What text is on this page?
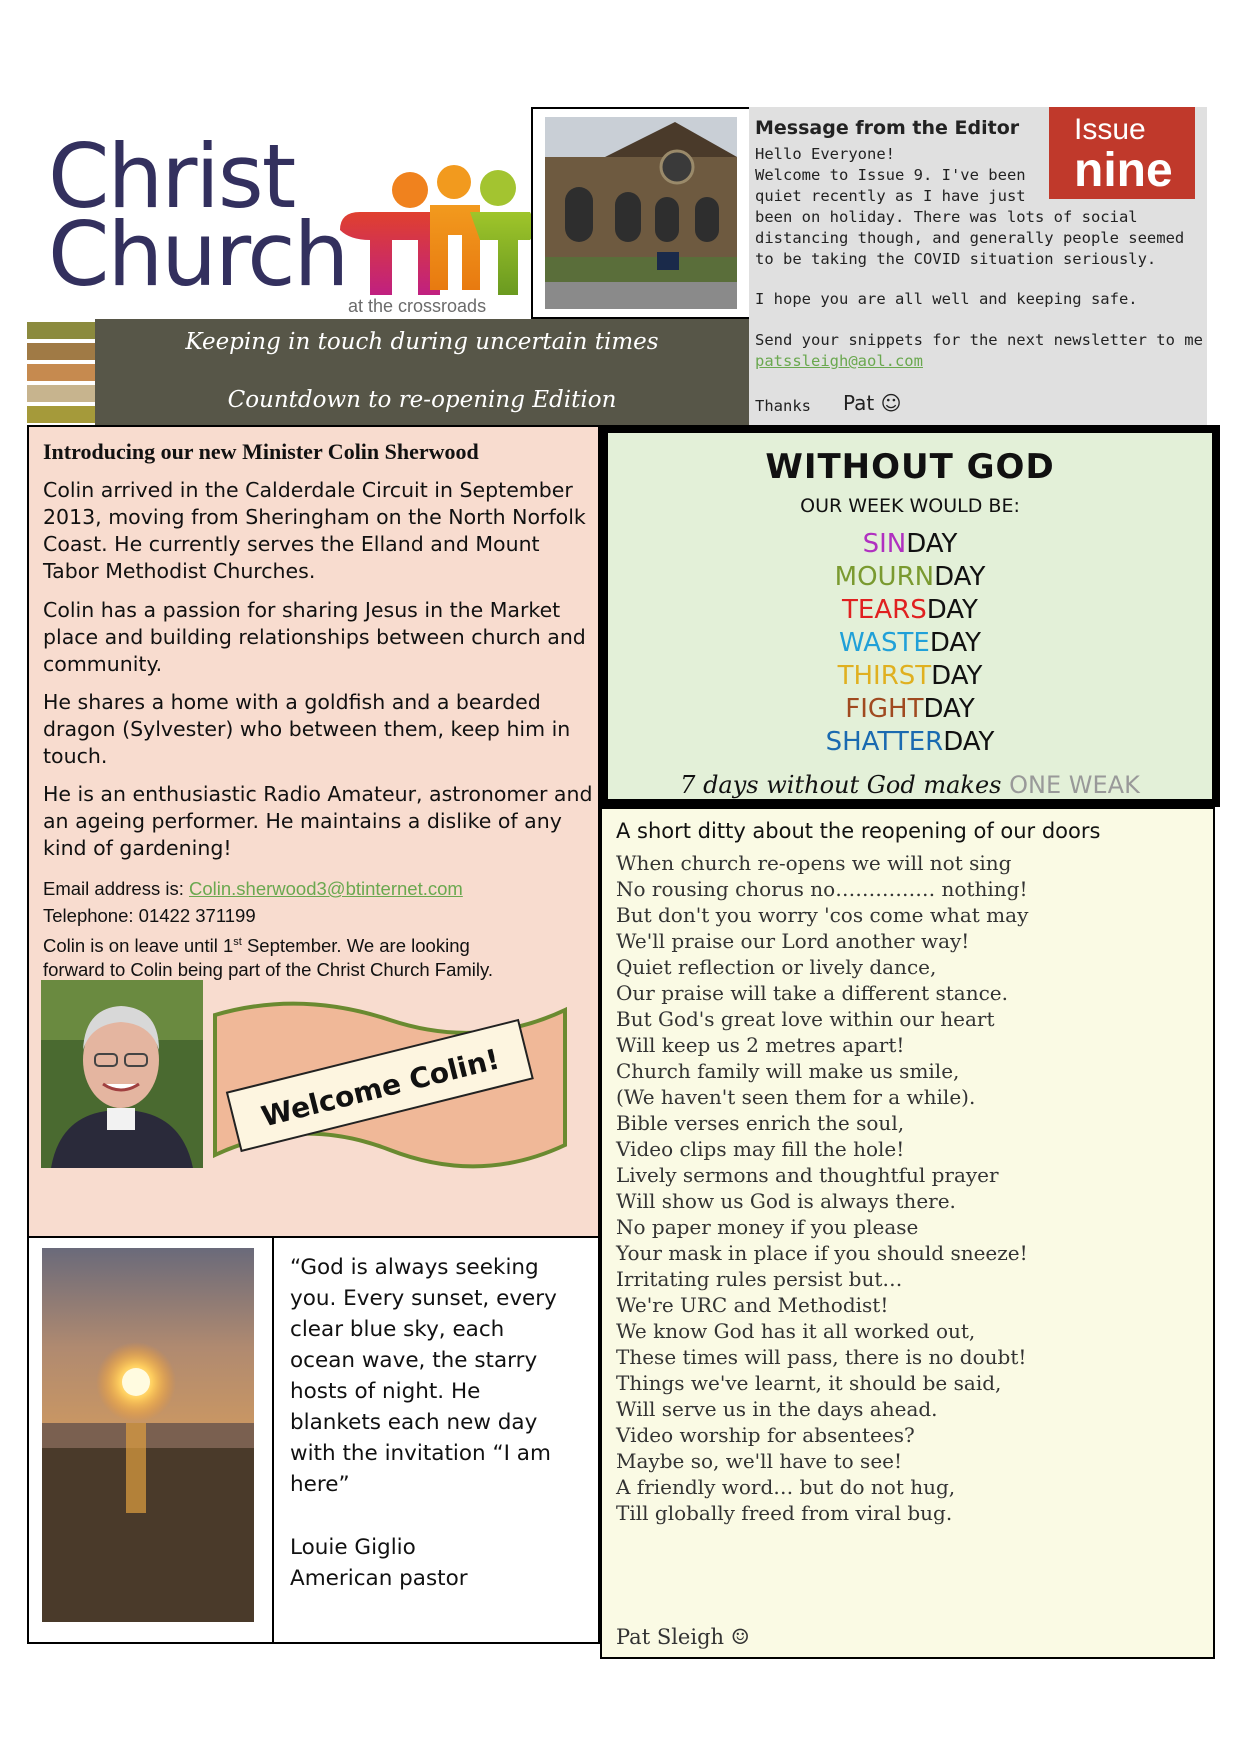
Christ
Church at the crossroads
Keeping in touch during uncertain times
Countdown to re-opening Edition
Message from the Editor
Hello Everyone!
Welcome to Issue 9. I've been
quiet recently as I have just
been on holiday. There was lots of social
distancing though, and generally people seemed
to be taking the COVID situation seriously.
I hope you are all well and keeping safe.
Send your snippets for the next newsletter to me
patssleigh@aol.com
Thanks Pat ☺
Issue
nine
Introducing our new Minister Colin Sherwood
Colin arrived in the Calderdale Circuit in September 2013, moving from Sheringham on the North Norfolk Coast. He currently serves the Elland and Mount Tabor Methodist Churches.
Colin has a passion for sharing Jesus in the Market place and building relationships between church and community.
He shares a home with a goldfish and a bearded dragon (Sylvester) who between them, keep him in touch.
He is an enthusiastic Radio Amateur, astronomer and an ageing performer. He maintains a dislike of any kind of gardening!
Email address is: Colin.sherwood3@btinternet.com
Telephone: 01422 371199
Colin is on leave until 1st September. We are looking
forward to Colin being part of the Christ Church Family.
Welcome Colin!
WITHOUT GOD
OUR WEEK WOULD BE:
SINDAY
MOURNDAY
TEARSDAY
WASTEDAY
THIRSTDAY
FIGHTDAY
SHATTERDAY
7 days without God makes ONE WEAK
A short ditty about the reopening of our doors
When church re-opens we will not sing
No rousing chorus no…………… nothing!
But don't you worry 'cos come what may
We'll praise our Lord another way!
Quiet reflection or lively dance,
Our praise will take a different stance.
But God's great love within our heart
Will keep us 2 metres apart!
Church family will make us smile,
(We haven't seen them for a while).
Bible verses enrich the soul,
Video clips may fill the hole!
Lively sermons and thoughtful prayer
Will show us God is always there.
No paper money if you please
Your mask in place if you should sneeze!
Irritating rules persist but…
We're URC and Methodist!
We know God has it all worked out,
These times will pass, there is no doubt!
Things we've learnt, it should be said,
Will serve us in the days ahead.
Video worship for absentees?
Maybe so, we'll have to see!
A friendly word… but do not hug,
Till globally freed from viral bug.
Pat Sleigh ☺
“God is always seeking
you. Every sunset, every
clear blue sky, each
ocean wave, the starry
hosts of night. He
blankets each new day
with the invitation “I am
here”
Louie Giglio
American pastor
